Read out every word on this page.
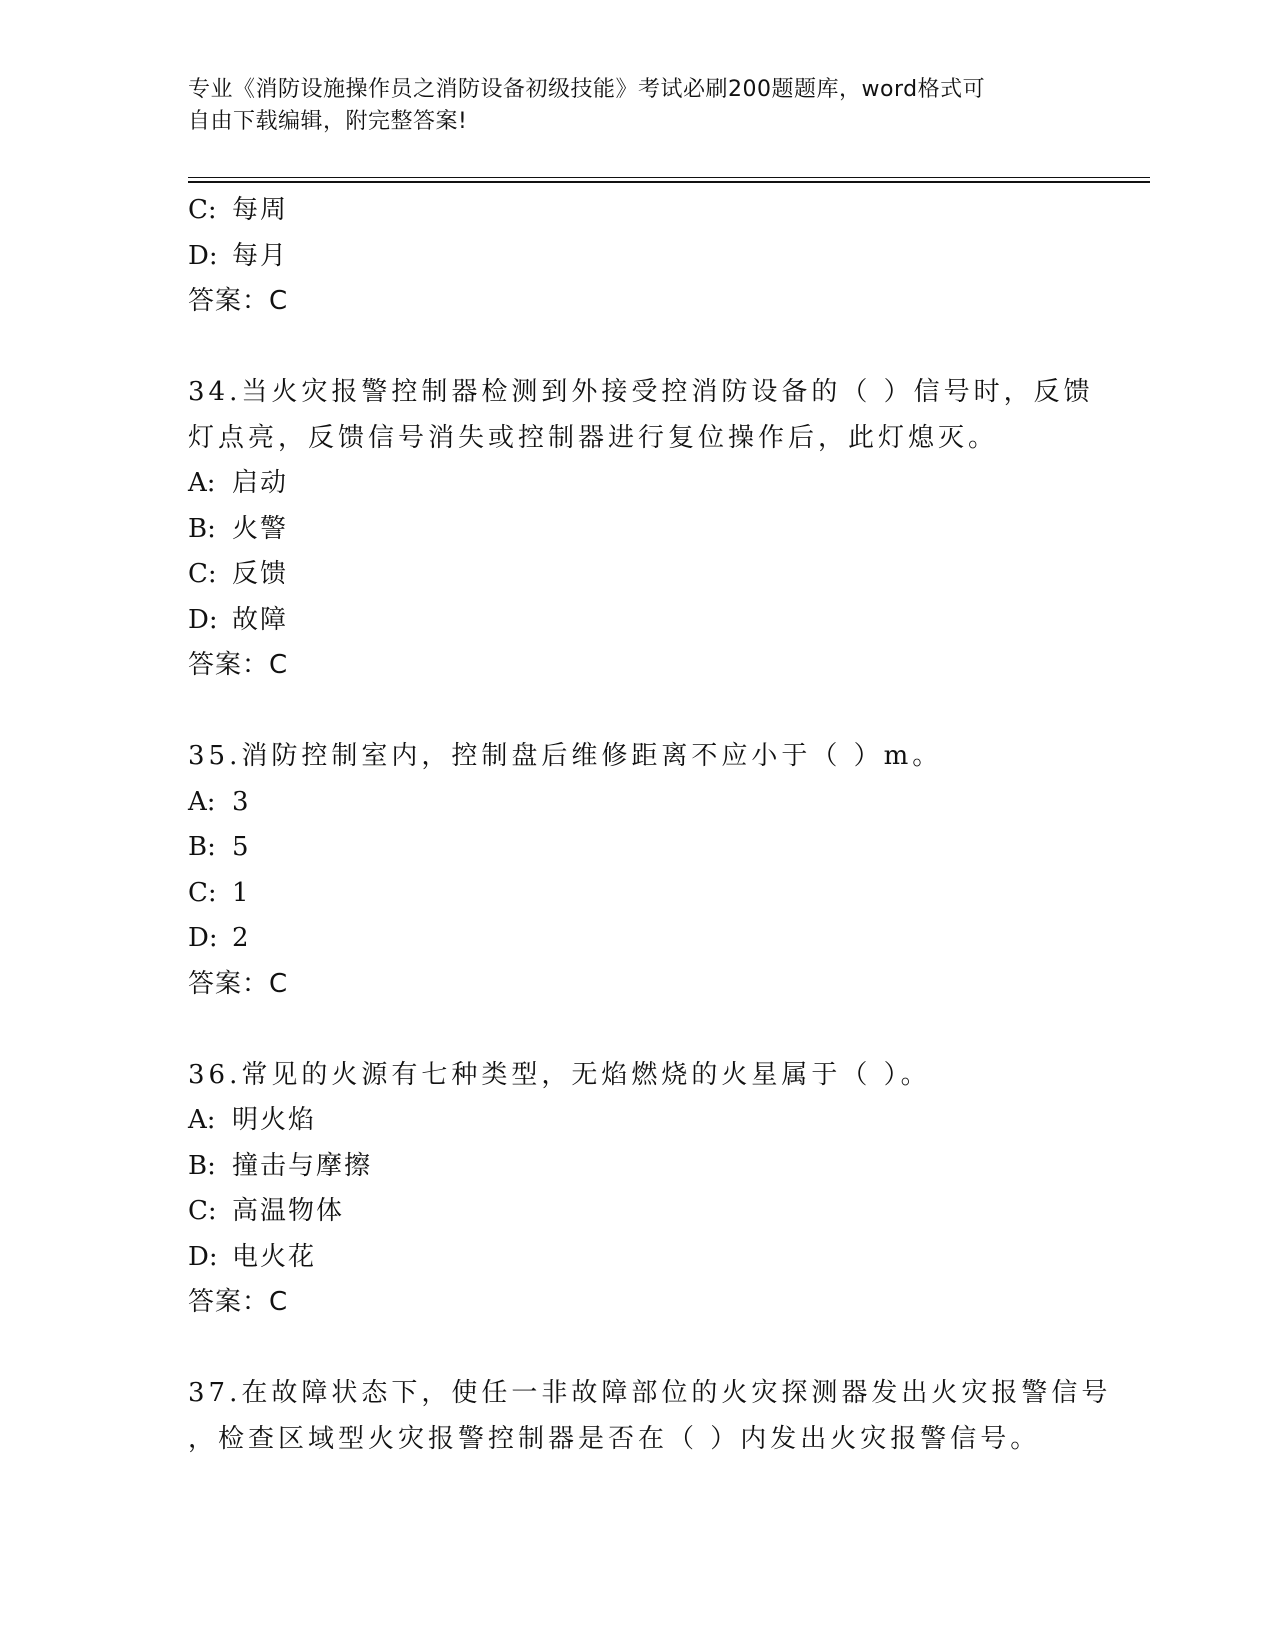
专业《消防设施操作员之消防设备初级技能》考试必刷200题题库，word格式可
自由下载编辑，附完整答案!
C: 每周
D: 每月
答案：C
34.当火灾报警控制器检测到外接受控消防设备的（ ）信号时，反馈
灯点亮，反馈信号消失或控制器进行复位操作后，此灯熄灭。
A: 启动
B: 火警
C: 反馈
D: 故障
答案：C
35.消防控制室内，控制盘后维修距离不应小于（ ）m。
A: 3
B: 5
C: 1
D: 2
答案：C
36.常见的火源有七种类型，无焰燃烧的火星属于（ ）。
A: 明火焰
B: 撞击与摩擦
C: 高温物体
D: 电火花
答案：C
37.在故障状态下，使任一非故障部位的火灾探测器发出火灾报警信号
，检查区域型火灾报警控制器是否在（ ）内发出火灾报警信号。
